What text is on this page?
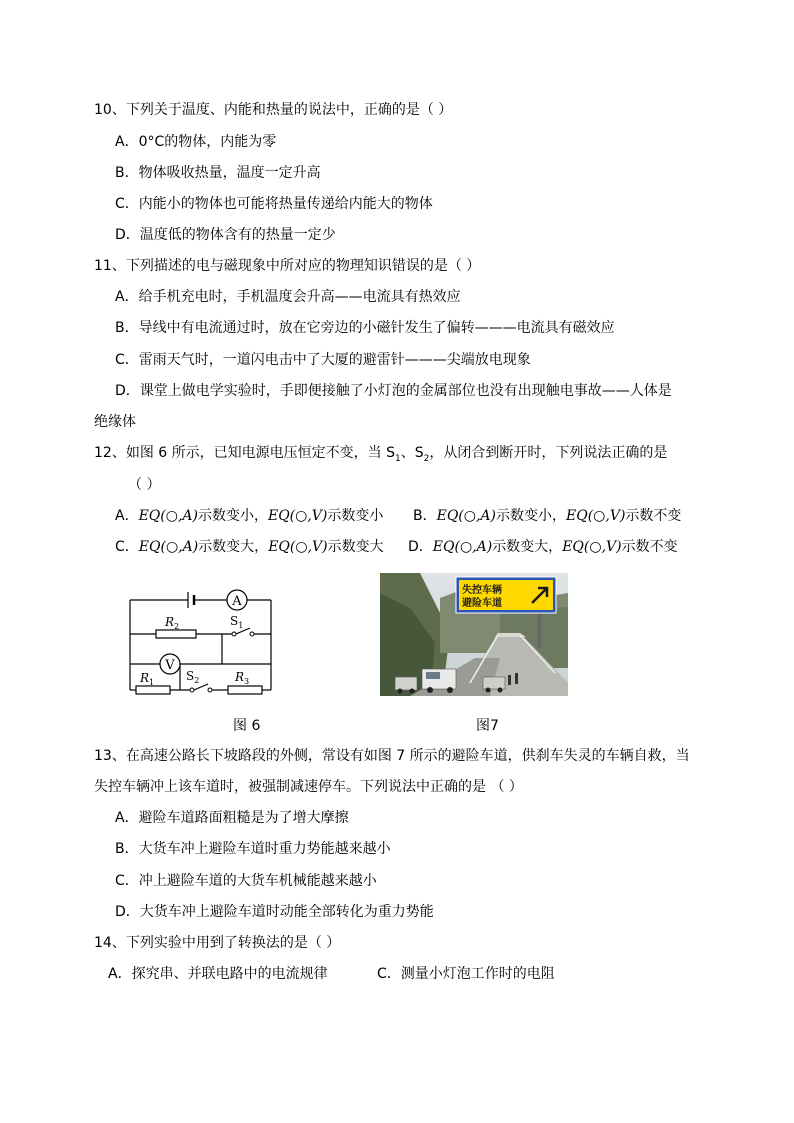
10、下列关于温度、内能和热量的说法中，正确的是（ ）
A．0°C的物体，内能为零
B．物体吸收热量，温度一定升高
C．内能小的物体也可能将热量传递给内能大的物体
D．温度低的物体含有的热量一定少
11、下列描述的电与磁现象中所对应的物理知识错误的是（ ）
A．给手机充电时，手机温度会升高——电流具有热效应
B．导线中有电流通过时，放在它旁边的小磁针发生了偏转———电流具有磁效应
C．雷雨天气时，一道闪电击中了大厦的避雷针———尖端放电现象
D．课堂上做电学实验时，手即便接触了小灯泡的金属部位也没有出现触电事故——人体是
绝缘体
12、如图 6 所示，已知电源电压恒定不变，当 $S_1$、$S_2$，从闭合到断开时，下列说法正确的是
（ ）
A．EQ(○,A)示数变小，EQ(○,V)示数变小 B．EQ(○,A)示数变小，EQ(○,V)示数不变
C．EQ(○,A)示数变大，EQ(○,V)示数变大 D．EQ(○,A)示数变大，EQ(○,V)示数不变
A
V
$R_2$	$S_1$
$R_1$	$S_2$	$R_3$
图 6
失控车辆
避险车道
图7
13、在高速公路长下坡路段的外侧，常设有如图 7 所示的避险车道，供刹车失灵的车辆自救，当
失控车辆冲上该车道时，被强制减速停车。下列说法中正确的是 （ ）
A．避险车道路面粗糙是为了增大摩擦
B．大货车冲上避险车道时重力势能越来越小
C．冲上避险车道的大货车机械能越来越小
D．大货车冲上避险车道时动能全部转化为重力势能
14、下列实验中用到了转换法的是（ ）
A．探究串、并联电路中的电流规律	C．测量小灯泡工作时的电阻
